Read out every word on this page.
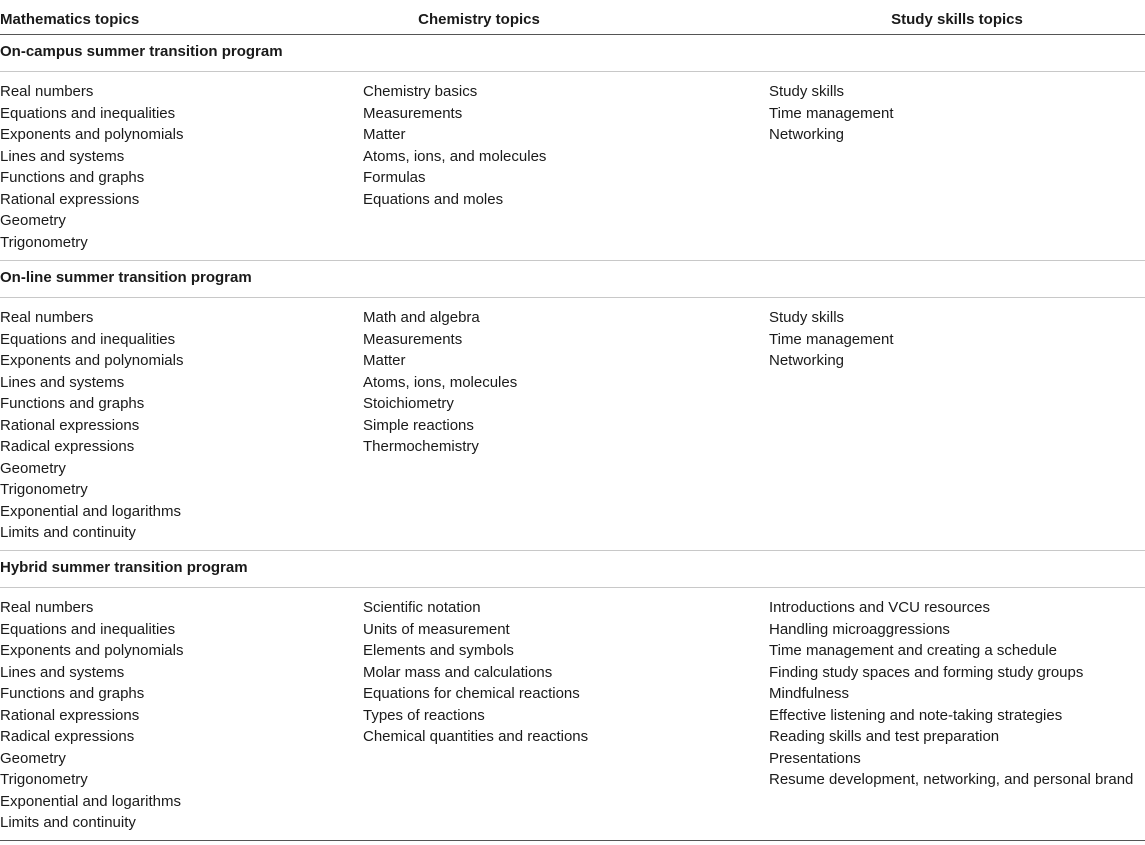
Mathematics topics	Chemistry topics	Study skills topics
On-campus summer transition program
Real numbers
Equations and inequalities
Exponents and polynomials
Lines and systems
Functions and graphs
Rational expressions
Geometry
Trigonometry
Chemistry basics
Measurements
Matter
Atoms, ions, and molecules
Formulas
Equations and moles
Study skills
Time management
Networking
On-line summer transition program
Real numbers
Equations and inequalities
Exponents and polynomials
Lines and systems
Functions and graphs
Rational expressions
Radical expressions
Geometry
Trigonometry
Exponential and logarithms
Limits and continuity
Math and algebra
Measurements
Matter
Atoms, ions, molecules
Stoichiometry
Simple reactions
Thermochemistry
Study skills
Time management
Networking
Hybrid summer transition program
Real numbers
Equations and inequalities
Exponents and polynomials
Lines and systems
Functions and graphs
Rational expressions
Radical expressions
Geometry
Trigonometry
Exponential and logarithms
Limits and continuity
Scientific notation
Units of measurement
Elements and symbols
Molar mass and calculations
Equations for chemical reactions
Types of reactions
Chemical quantities and reactions
Introductions and VCU resources
Handling microaggressions
Time management and creating a schedule
Finding study spaces and forming study groups
Mindfulness
Effective listening and note-taking strategies
Reading skills and test preparation
Presentations
Resume development, networking, and personal brand
